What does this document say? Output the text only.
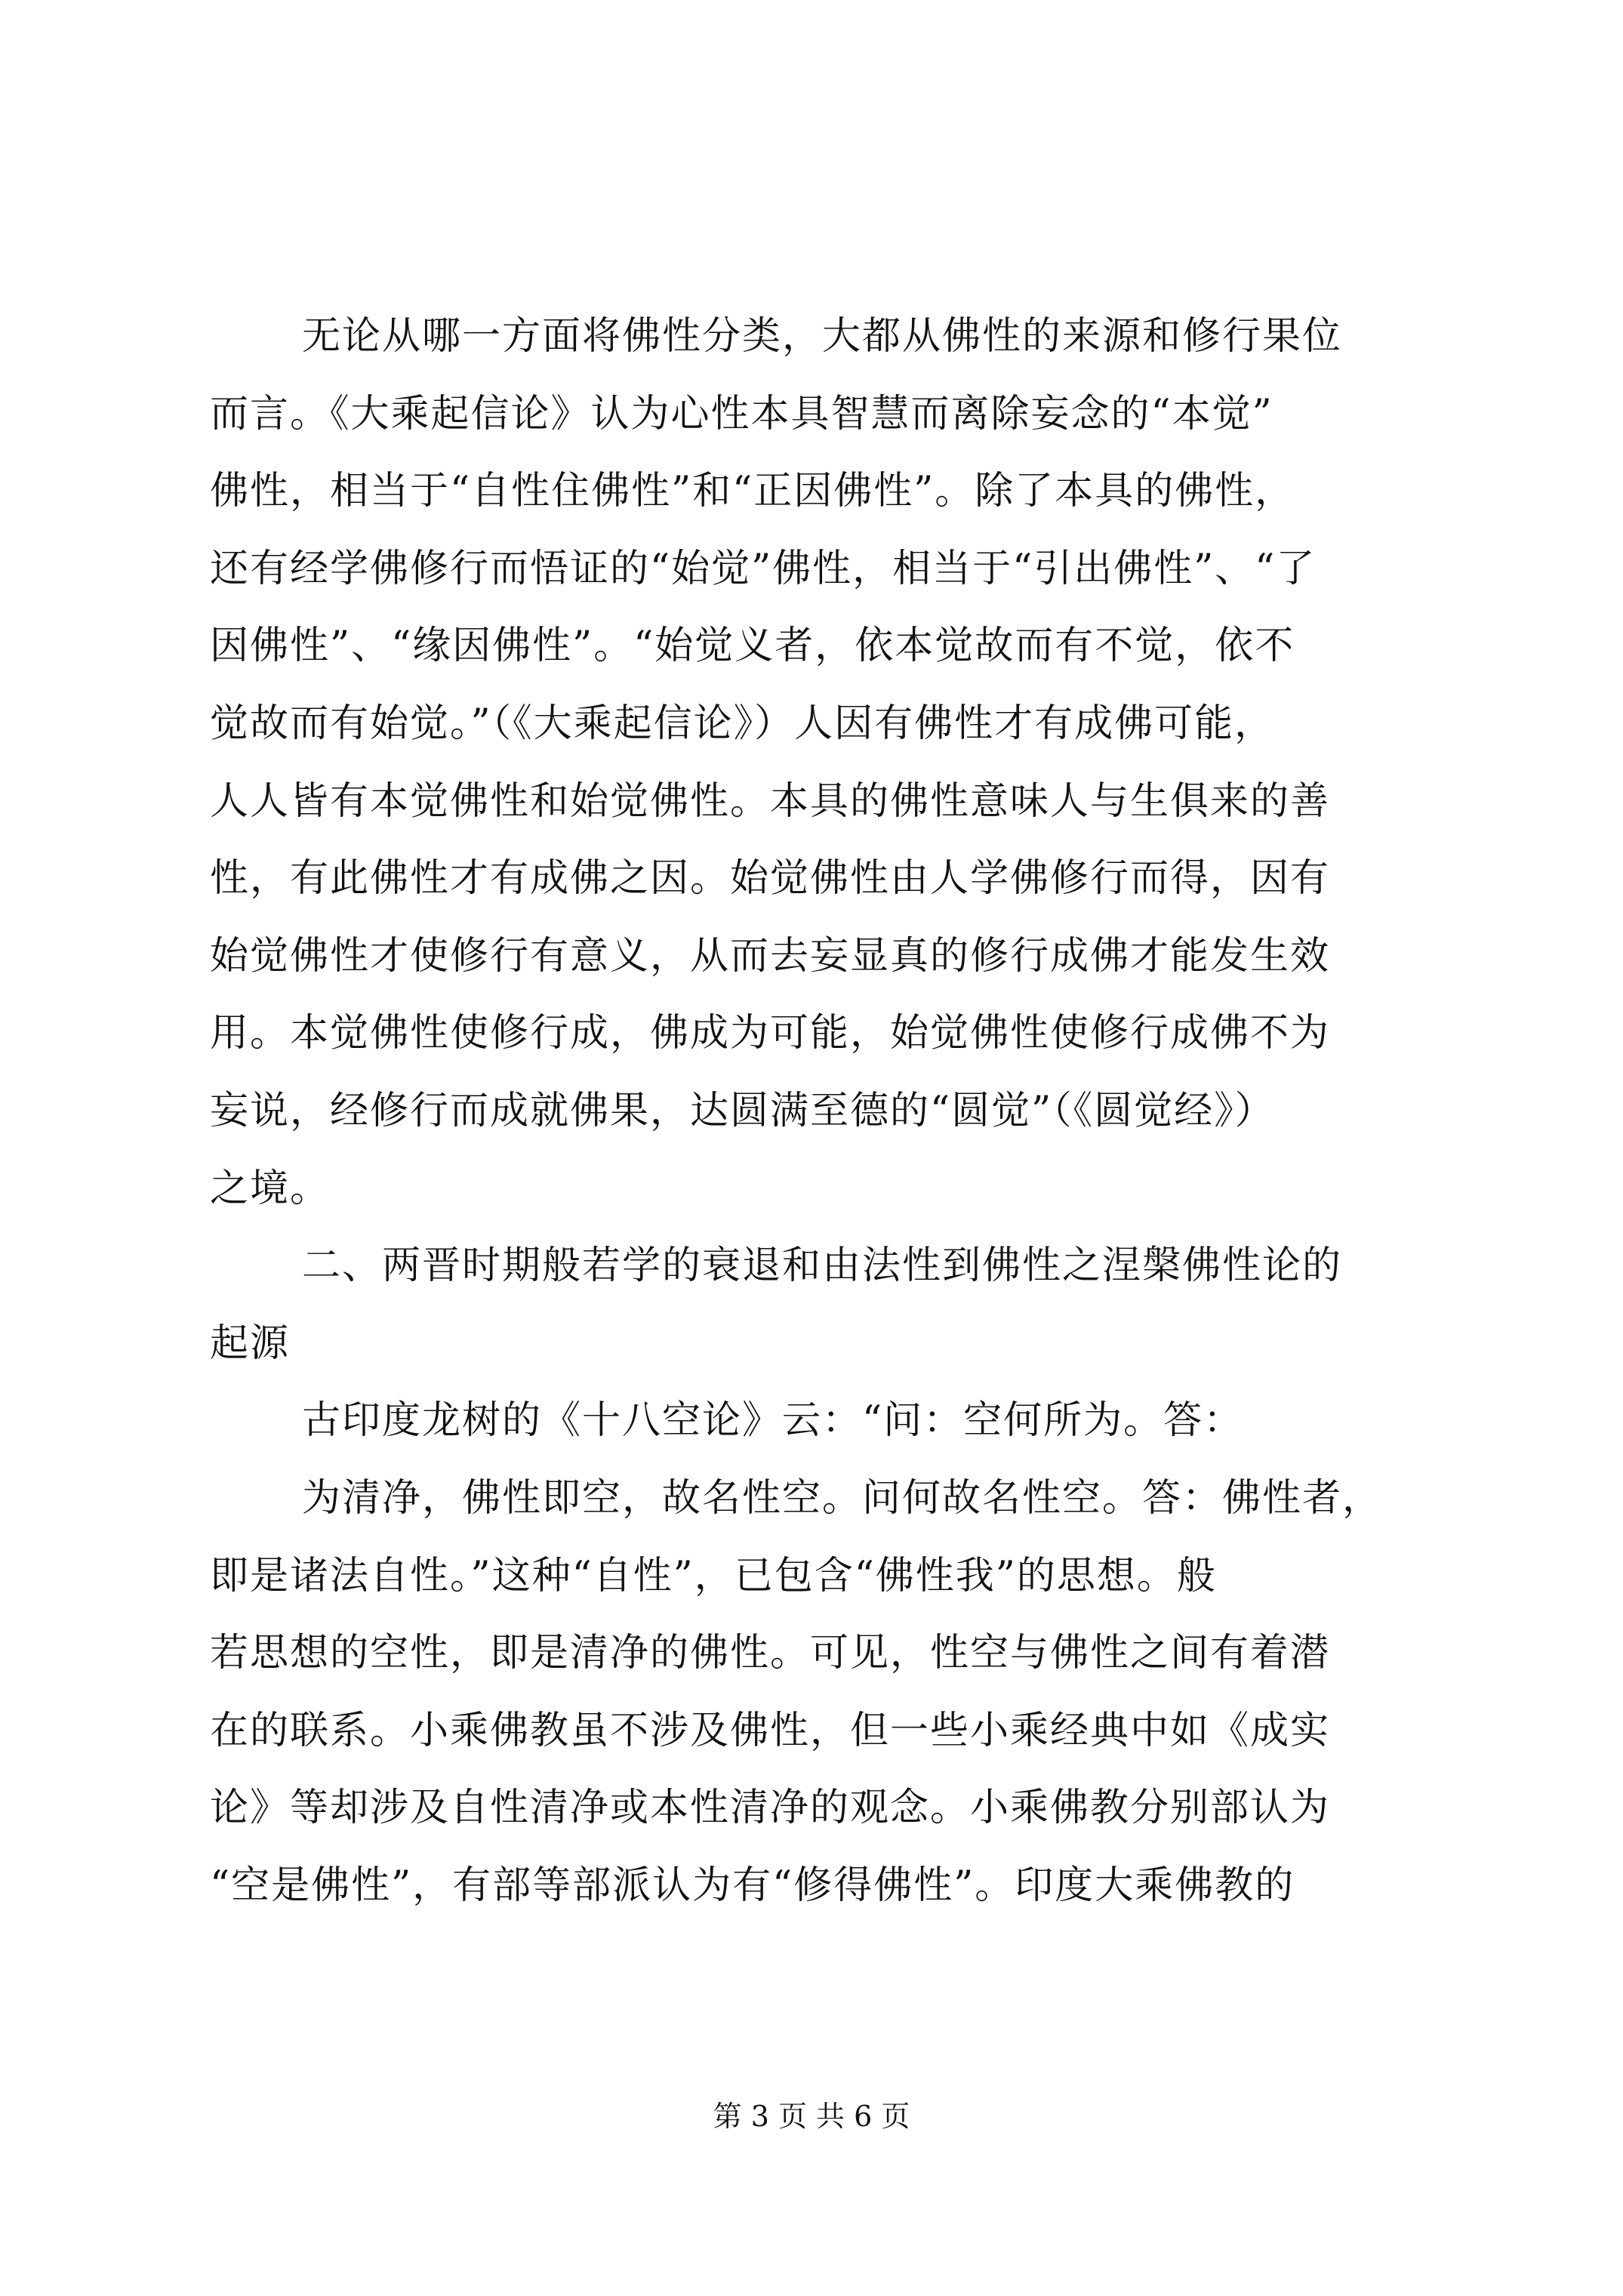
无论从哪一方面将佛性分类，大都从佛性的来源和修行果位
而言。《大乘起信论》认为心性本具智慧而离除妄念的“本觉”
佛性，相当于“自性住佛性”和“正因佛性”。除了本具的佛性，
还有经学佛修行而悟证的“始觉”佛性，相当于“引出佛性”、“了
因佛性”、“缘因佛性”。“始觉义者，依本觉故而有不觉，依不
觉故而有始觉。”（《大乘起信论》）人因有佛性才有成佛可能，
人人皆有本觉佛性和始觉佛性。本具的佛性意味人与生俱来的善
性，有此佛性才有成佛之因。始觉佛性由人学佛修行而得，因有
始觉佛性才使修行有意义，从而去妄显真的修行成佛才能发生效
用。本觉佛性使修行成，佛成为可能，始觉佛性使修行成佛不为
妄说，经修行而成就佛果，达圆满至德的“圆觉”（《圆觉经》）
之境。
二、两晋时期般若学的衰退和由法性到佛性之涅槃佛性论的
起源
古印度龙树的《十八空论》云：“问：空何所为。答：
为清净，佛性即空，故名性空。问何故名性空。答：佛性者，
即是诸法自性。”这种“自性”，已包含“佛性我”的思想。般
若思想的空性，即是清净的佛性。可见，性空与佛性之间有着潜
在的联系。小乘佛教虽不涉及佛性，但一些小乘经典中如《成实
论》等却涉及自性清净或本性清净的观念。小乘佛教分别部认为
“空是佛性”，有部等部派认为有“修得佛性”。印度大乘佛教的
第 3 页 共 6 页
